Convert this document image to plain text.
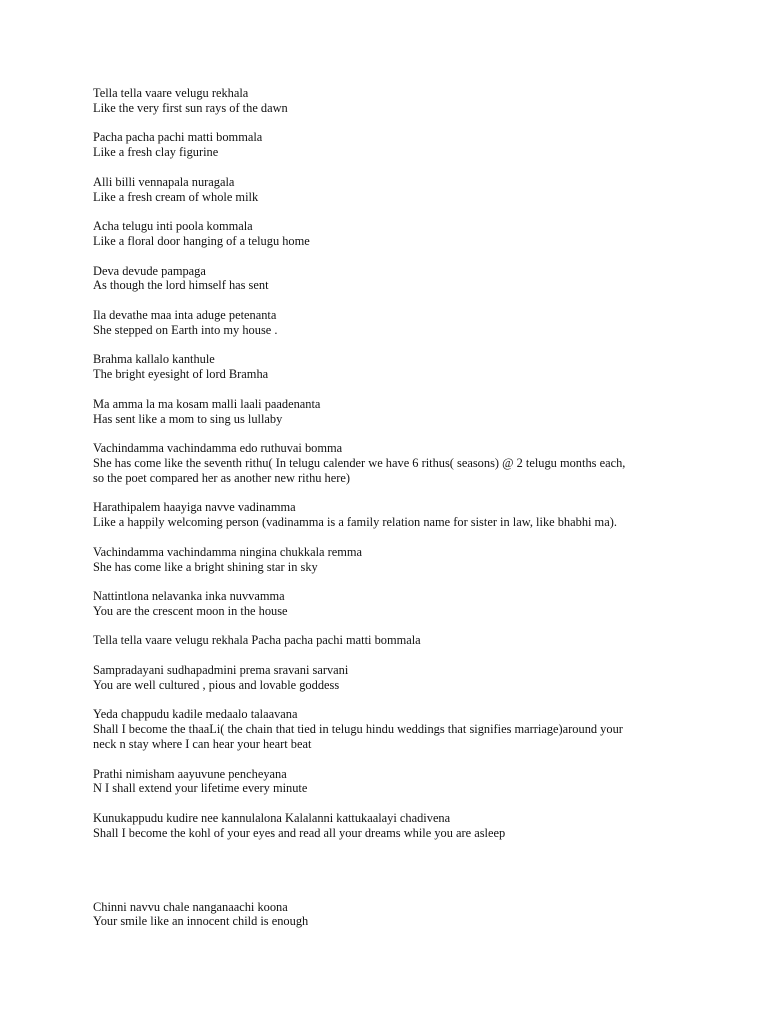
Tella tella vaare velugu rekhala
Like the very first sun rays of the dawn
Pacha pacha pachi matti bommala
Like a fresh clay figurine
Alli billi vennapala nuragala
Like a fresh cream of whole milk
Acha telugu inti poola kommala
Like a floral door hanging of a telugu home
Deva devude pampaga
As though the lord himself has sent
Ila devathe maa inta aduge petenanta
She stepped on Earth into my house .
Brahma kallalo kanthule
The bright eyesight of lord Bramha
Ma amma la ma kosam malli laali paadenanta
Has sent like a mom to sing us lullaby
Vachindamma vachindamma edo ruthuvai bomma
She has come like the seventh rithu( In telugu calender we have 6 rithus( seasons) @ 2 telugu months each,
so the poet compared her as another new rithu here)
Harathipalem haayiga navve vadinamma
Like a happily welcoming person (vadinamma is a family relation name for sister in law, like bhabhi ma).
Vachindamma vachindamma ningina chukkala remma
She has come like a bright shining star in sky
Nattintlona nelavanka inka nuvvamma
You are the crescent moon in the house
Tella tella vaare velugu rekhala Pacha pacha pachi matti bommala
Sampradayani sudhapadmini prema sravani sarvani
You are well cultured , pious and lovable goddess
Yeda chappudu kadile medaalo talaavana
Shall I become the thaaLi( the chain that tied in telugu hindu weddings that signifies marriage)around your
neck n stay where I can hear your heart beat
Prathi nimisham aayuvune pencheyana
N I shall extend your lifetime every minute
Kunukappudu kudire nee kannulalona Kalalanni kattukaalayi chadivena
Shall I become the kohl of your eyes and read all your dreams while you are asleep
Chinni navvu chale nanganaachi koona
Your smile like an innocent child is enough
